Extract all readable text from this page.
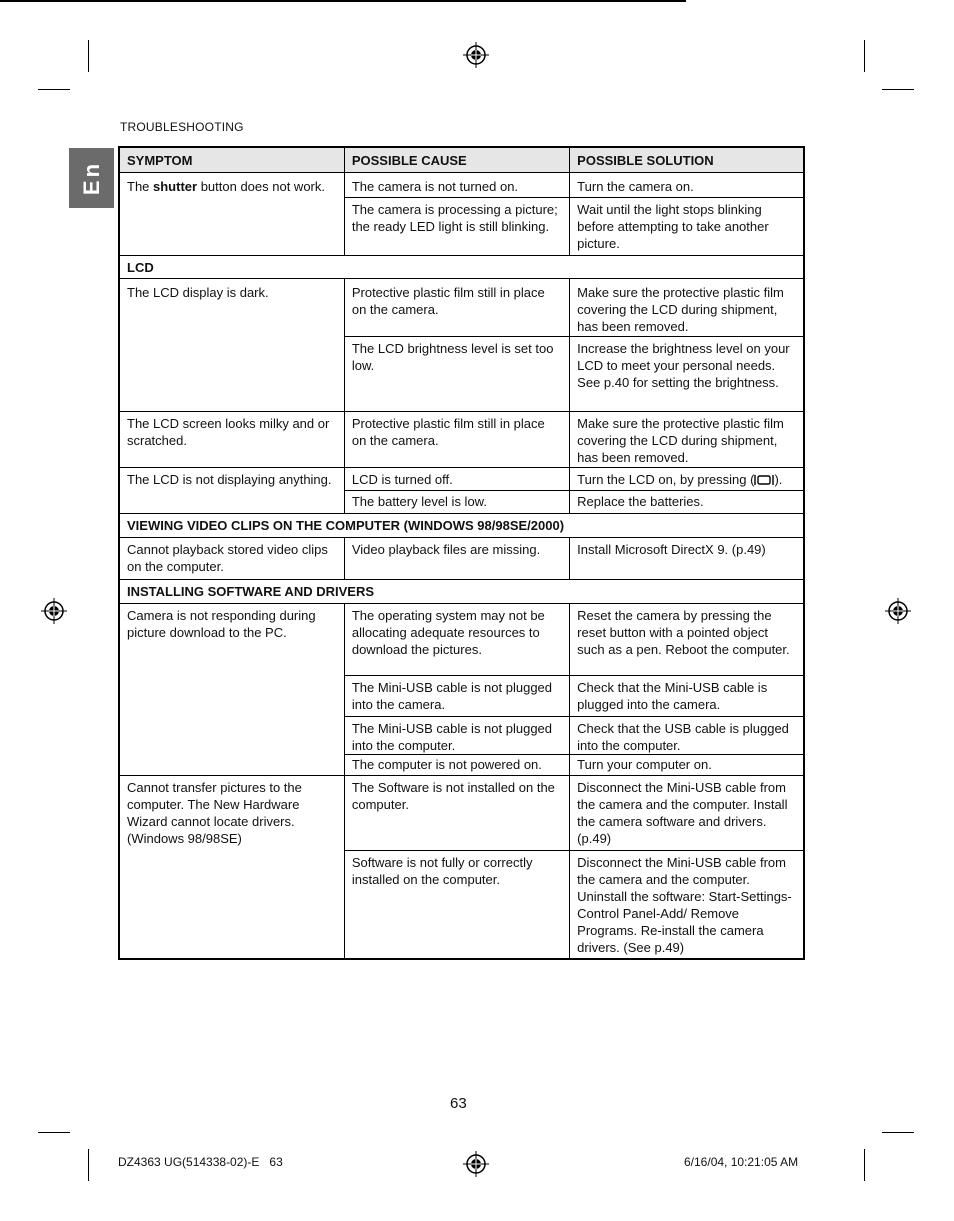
TROUBLESHOOTING
En
SYMPTOM	POSSIBLE CAUSE	POSSIBLE SOLUTION
The shutter button does not work.	The camera is not turned on.	Turn the camera on.
	The camera is processing a picture; the ready LED light is still blinking.	Wait until the light stops blinking before attempting to take another picture.
LCD		
The LCD display is dark.	Protective plastic film still in place on the camera.	Make sure the protective plastic film covering the LCD during shipment, has been removed.
	The LCD brightness level is set too low.	Increase the brightness level on your LCD to meet your personal needs. See p.40 for setting the brightness.
The LCD screen looks milky and or scratched.	Protective plastic film still in place on the camera.	Make sure the protective plastic film covering the LCD during shipment, has been removed.
The LCD is not displaying anything.	LCD is turned off.	Turn the LCD on, by pressing ( ).
	The battery level is low.	Replace the batteries.
VIEWING VIDEO CLIPS ON THE COMPUTER (WINDOWS 98/98SE/2000)		
Cannot playback stored video clips on the computer.	Video playback files are missing.	Install Microsoft DirectX 9. (p.49)
INSTALLING SOFTWARE AND DRIVERS		
Camera is not responding during picture download to the PC.	The operating system may not be allocating adequate resources to download the pictures.	Reset the camera by pressing the reset button with a pointed object such as a pen. Reboot the computer.
	The Mini-USB cable is not plugged into the camera.	Check that the Mini-USB cable is plugged into the camera.
	The Mini-USB cable is not plugged into the computer.	Check that the USB cable is plugged into the computer.
	The computer is not powered on.	Turn your computer on.
Cannot transfer pictures to the computer. The New Hardware Wizard cannot locate drivers. (Windows 98/98SE)	The Software is not installed on the computer.	Disconnect the Mini-USB cable from the camera and the computer. Install the camera software and drivers. (p.49)
	Software is not fully or correctly installed on the computer.	Disconnect the Mini-USB cable from the camera and the computer. Uninstall the software: Start-Settings-Control Panel-Add/ Remove Programs. Re-install the camera drivers. (See p.49)
63
DZ4363 UG(514338-02)-E   63	6/16/04, 10:21:05 AM
